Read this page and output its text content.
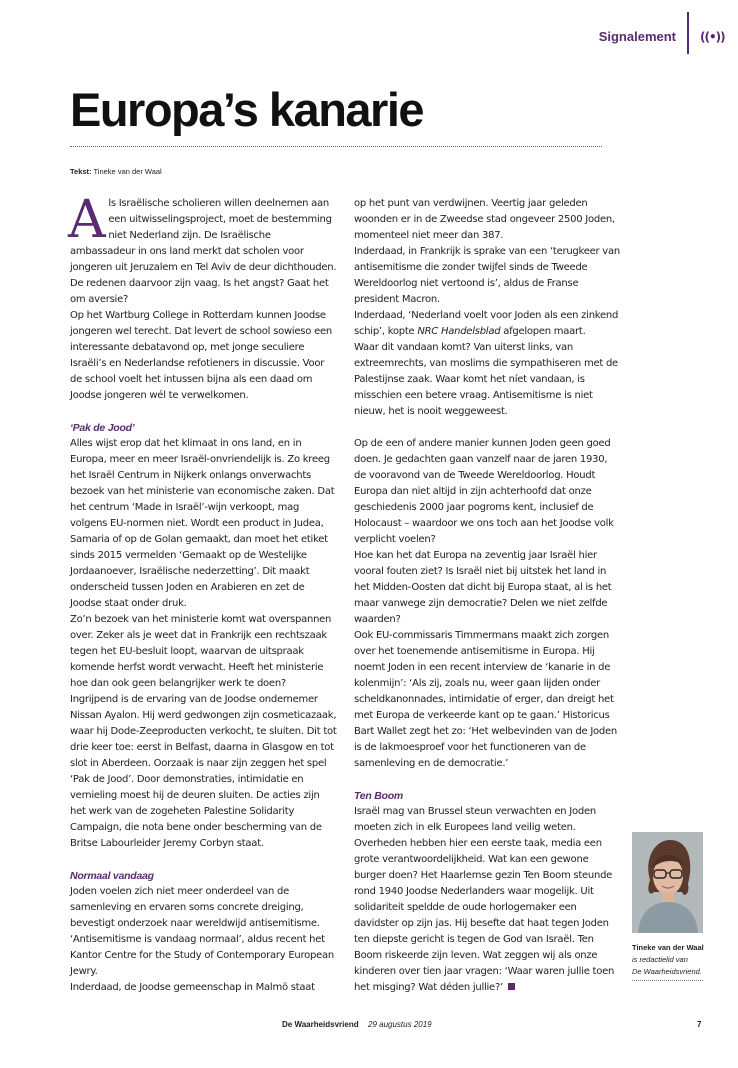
Signalement ((•))
Europa’s kanarie
Tekst: Tineke van der Waal

Als Israëlische scholieren willen deelnemen aan een uitwisselingsproject, moet de bestemming niet Nederland zijn. De Israëlische ambassadeur in ons land merkt dat scholen voor jongeren uit Jeruzalem en Tel Aviv de deur dichthouden. De redenen daarvoor zijn vaag. Is het angst? Gaat het om aversie?

Op het Wartburg College in Rotterdam kunnen Joodse jongeren wel terecht. Dat levert de school sowieso een interessante debatavond op, met jonge seculiere Israëli’s en Nederlandse refotieners in discussie. Voor de school voelt het intussen bijna als een daad om Joodse jongeren wél te verwelkomen.

‘Pak de Jood’

Alles wijst erop dat het klimaat in ons land, en in Europa, meer en meer Israël-onvriendelijk is. Zo kreeg het Israël Centrum in Nijkerk onlangs onverwachts bezoek van het ministerie van economische zaken. Dat het centrum ‘Made in Israël’-wijn verkoopt, mag volgens EU-normen niet. Wordt een product in Judea, Samaria of op de Golan gemaakt, dan moet het etiket sinds 2015 vermelden ‘Gemaakt op de Westelijke Jordaanoever, Israëlische nederzetting’. Dit maakt onderscheid tussen Joden en Arabieren en zet de Joodse staat onder druk.

Zo’n bezoek van het ministerie komt wat overspannen over. Zeker als je weet dat in Frankrijk een rechtszaak tegen het EU-besluit loopt, waarvan de uitspraak komende herfst wordt verwacht. Heeft het ministerie hoe dan ook geen belangrijker werk te doen?

Ingrijpend is de ervaring van de Joodse ondernemer Nissan Ayalon. Hij werd gedwongen zijn cosmeticazaak, waar hij Dode-Zeeproducten verkocht, te sluiten. Dit tot drie keer toe: eerst in Belfast, daarna in Glasgow en tot slot in Aberdeen. Oorzaak is naar zijn zeggen het spel ‘Pak de Jood’. Door demonstraties, intimidatie en vernieling moest hij de deuren sluiten. De acties zijn het werk van de zogeheten Palestine Solidarity Campaign, die nota bene onder bescherming van de Britse Labourleider Jeremy Corbyn staat.

Normaal vandaag

Joden voelen zich niet meer onderdeel van de samenleving en ervaren soms concrete dreiging, bevestigt onderzoek naar wereldwijd antisemitisme. ‘Antisemitisme is vandaag normaal’, aldus recent het Kantor Centre for the Study of Contemporary European Jewry.

Inderdaad, de Joodse gemeenschap in Malmö staat

op het punt van verdwijnen. Veertig jaar geleden woonden er in de Zweedse stad ongeveer 2500 Joden, momenteel niet meer dan 387.

Inderdaad, in Frankrijk is sprake van een ‘terugkeer van antisemitisme die zonder twijfel sinds de Tweede Wereldoorlog niet vertoond is’, aldus de Franse president Macron.

Inderdaad, ‘Nederland voelt voor Joden als een zinkend schip’, kopte NRC Handelsblad afgelopen maart.

Waar dit vandaan komt? Van uiterst links, van extreemrechts, van moslims die sympathiseren met de Palestijnse zaak. Waar komt het níet vandaan, is misschien een betere vraag. Antisemitisme is niet nieuw, het is nooit weggeweest.

Op de een of andere manier kunnen Joden geen goed doen. Je gedachten gaan vanzelf naar de jaren 1930, de vooravond van de Tweede Wereldoorlog. Houdt Europa dan niet altijd in zijn achterhoofd dat onze geschiedenis 2000 jaar pogroms kent, inclusief de Holocaust – waardoor we ons toch aan het Joodse volk verplicht voelen?

Hoe kan het dat Europa na zeventig jaar Israël hier vooral fouten ziet? Is Israël niet bij uitstek het land in het Midden-Oosten dat dicht bij Europa staat, al is het maar vanwege zijn democratie? Delen we niet zelfde waarden?

Ook EU-commissaris Timmermans maakt zich zorgen over het toenemende antisemitisme in Europa. Hij noemt Joden in een recent interview de ‘kanarie in de kolenmijn’: ‘Als zij, zoals nu, weer gaan lijden onder scheldkanonnades, intimidatie of erger, dan dreigt het met Europa de verkeerde kant op te gaan.’ Historicus Bart Wallet zegt het zo: ‘Het welbevinden van de Joden is de lakmoesproef voor het functioneren van de samenleving en de democratie.’

Ten Boom

Israël mag van Brussel steun verwachten en Joden moeten zich in elk Europees land veilig weten. Overheden hebben hier een eerste taak, media een grote verantwoordelijkheid. Wat kan een gewone burger doen? Het Haarlemse gezin Ten Boom steunde rond 1940 Joodse Nederlanders waar mogelijk. Uit solidariteit speldde de oude horlogemaker een davidster op zijn jas. Hij besefte dat haat tegen Joden ten diepste gericht is tegen de God van Israël. Ten Boom riskeerde zijn leven. Wat zeggen wij als onze kinderen over tien jaar vragen: ‘Waar waren jullie toen het misging? Wat déden jullie?’

Tineke van der Waal
is redactielid van
De Waarheidsvriend.
De Waarheidsvriend 29 augustus 2019	7
